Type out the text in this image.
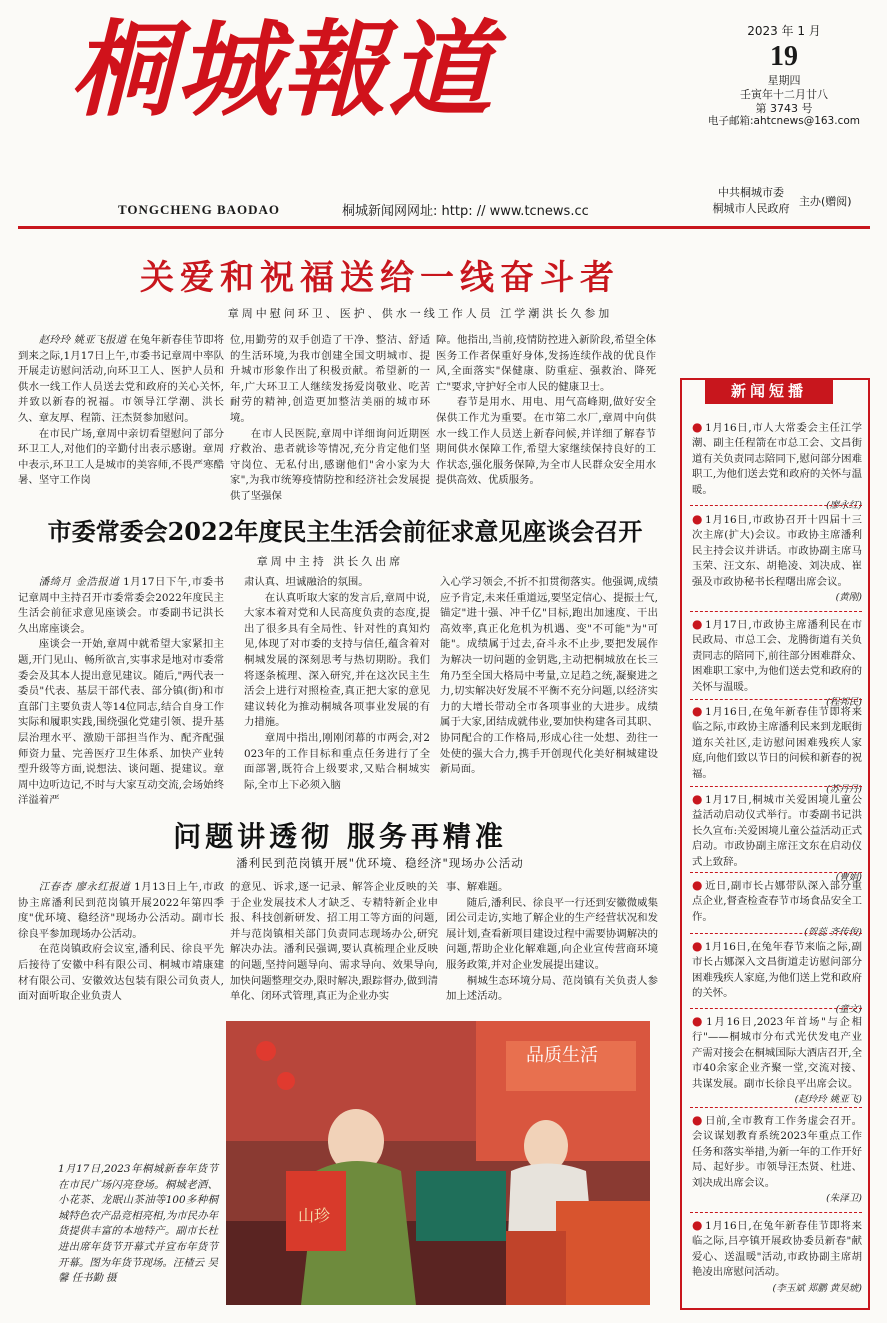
桐城報道
TONGCHENG BAODAO	桐城新闻网网址: http: // www.tcnews.cc
2023 年 1 月
19
星期四
壬寅年十二月廿八
第 3743 号
电子邮箱:ahtcnews@163.com
中共桐城市委
桐城市人民政府
主办(赠阅)
关爱和祝福送给一线奋斗者
章周中慰问环卫、医护、供水一线工作人员 江学潮洪长久参加

赵玲玲 姚亚飞报道 在兔年新春佳节即将到来之际,1月17日上午,市委书记章周中率队开展走访慰问活动,向环卫工人、医护人员和供水一线工作人员送去党和政府的关心关怀,并致以新春的祝福。市领导江学潮、洪长久、章友厚、程箭、汪杰贤参加慰问。

在市民广场,章周中亲切看望慰问了部分环卫工人,对他们的辛勤付出表示感谢。章周中表示,环卫工人是城市的美容师,不畏严寒酷暑、坚守工作岗

位,用勤劳的双手创造了干净、整洁、舒适的生活环境,为我市创建全国文明城市、提升城市形象作出了积极贡献。希望新的一年,广大环卫工人继续发扬爱岗敬业、吃苦耐劳的精神,创造更加整洁美丽的城市环境。

在市人民医院,章周中详细询问近期医疗救治、患者就诊等情况,充分肯定他们坚守岗位、无私付出,感谢他们"舍小家为大家",为我市统筹疫情防控和经济社会发展提供了坚强保

障。他指出,当前,疫情防控进入新阶段,希望全体医务工作者保重好身体,发扬连续作战的优良作风,全面落实"保健康、防重症、强救治、降死亡"要求,守护好全市人民的健康卫士。

春节是用水、用电、用气高峰期,做好安全保供工作尤为重要。在市第二水厂,章周中向供水一线工作人员送上新春问候,并详细了解春节期间供水保障工作,希望大家继续保持良好的工作状态,强化服务保障,为全市人民群众安全用水提供高效、优质服务。

市委常委会2022年度民主生活会前征求意见座谈会召开
章周中主持 洪长久出席

潘绮月 金浩报道 1月17日下午,市委书记章周中主持召开市委常委会2022年度民主生活会前征求意见座谈会。市委副书记洪长久出席座谈会。

座谈会一开始,章周中就希望大家紧扣主题,开门见山、畅所欲言,实事求是地对市委常委会及其本人提出意见建议。随后,"两代表一委员"代表、基层干部代表、部分镇(街)和市直部门主要负责人等14位同志,结合自身工作实际和履职实践,围绕强化党建引领、提升基层治理水平、激励干部担当作为、配齐配强师资力量、完善医疗卫生体系、加快产业转型升级等方面,说想法、谈问题、提建议。章周中边听边记,不时与大家互动交流,会场始终洋溢着严

肃认真、坦诚融洽的氛围。

在认真听取大家的发言后,章周中说,大家本着对党和人民高度负责的态度,提出了很多具有全局性、针对性的真知灼见,体现了对市委的支持与信任,蕴含着对桐城发展的深刻思考与热切期盼。我们将逐条梳理、深入研究,并在这次民主生活会上进行对照检查,真正把大家的意见建议转化为推动桐城各项事业发展的有力措施。

章周中指出,刚刚闭幕的市两会,对2023年的工作目标和重点任务进行了全面部署,既符合上级要求,又贴合桐城实际,全市上下必须入脑

入心学习领会,不折不扣贯彻落实。他强调,成绩应予肯定,未来任重道远,要坚定信心、提振士气,锚定"进十强、冲千亿"目标,跑出加速度、干出高效率,真正化危机为机遇、变"不可能"为"可能"。成绩属于过去,奋斗永不止步,要把发展作为解决一切问题的金钥匙,主动把桐城放在长三角乃至全国大格局中考量,立足趋之统,凝聚进之力,切实解决好发展不平衡不充分问题,以经济实力的大增长带动全市各项事业的大进步。成绩属于大家,团结成就伟业,要加快构建各司其职、协同配合的工作格局,形成心往一处想、劲往一处使的强大合力,携手开创现代化美好桐城建设新局面。

问题讲透彻 服务再精准
潘利民到范岗镇开展"优环境、稳经济"现场办公活动

江春杏 廖永红报道 1月13日上午,市政协主席潘利民到范岗镇开展2022年第四季度"优环境、稳经济"现场办公活动。副市长徐良平参加现场办公活动。

在范岗镇政府会议室,潘利民、徐良平先后接待了安徽中科有限公司、桐城市靖康建材有限公司、安徽效达包装有限公司负责人,面对面听取企业负责人

的意见、诉求,逐一记录、解答企业反映的关于企业发展技术人才缺乏、专精特新企业申报、科技创新研发、招工用工等方面的问题,并与范岗镇相关部门负责同志现场办公,研究解决办法。潘利民强调,要认真梳理企业反映的问题,坚持问题导向、需求导向、效果导向,加快问题整理交办,限时解决,跟踪督办,做到清单化、闭环式管理,真正为企业办实

事、解难题。

随后,潘利民、徐良平一行还到安徽微威集团公司走访,实地了解企业的生产经营状况和发展计划,查看新项目建设过程中需要协调解决的问题,帮助企业化解难题,向企业宣传营商环境服务政策,并对企业发展提出建议。

桐城生态环境分局、范岗镇有关负责人参加上述活动。

山珍
品质生活
1月17日,2023年桐城新春年货节在市民广场闪亮登场。桐城老酒、小花茶、龙眠山茶油等100多种桐城特色农产品竞相亮相,为市民办年货提供丰富的本地特产。副市长杜进出席年货节开幕式并宣布年货节开幕。图为年货节现场。汪楂云 吴馨 任书勤 摄
新闻短播
● 1月16日,市人大常委会主任江学潮、副主任程箭在市总工会、文昌街道有关负责同志陪同下,慰问部分困难职工,为他们送去党和政府的关怀与温暖。
(廖永红)
● 1月16日,市政协召开十四届十三次主席(扩大)会议。市政协主席潘利民主持会议并讲话。市政协副主席马玉荣、汪文东、胡艳凌、刘决成、崔强及市政协秘书长程曙出席会议。
(黄刚)
● 1月17日,市政协主席潘利民在市民政局、市总工会、龙腾街道有关负责同志的陪同下,前往部分困难群众、困难职工家中,为他们送去党和政府的关怀与温暖。
(程邦民)
● 1月16日,在兔年新春佳节即将来临之际,市政协主席潘利民来到龙眠街道东关社区,走访慰问困难残疾人家庭,向他们致以节日的问候和新春的祝福。
(苏丹丹)
● 1月17日,桐城市关爱困境儿童公益活动启动仪式举行。市委副书记洪长久宣布:关爱困境儿童公益活动正式启动。市政协副主席汪文东在启动仪式上致辞。
(曹娟)
● 近日,副市长占娜带队深入部分重点企业,督查检查春节市场食品安全工作。
(贺蕊 齐传俊)
● 1月16日,在兔年春节来临之际,副市长占娜深入文昌街道走访慰问部分困难残疾人家庭,为他们送上党和政府的关怀。
(童文)
● 1月16日,2023年首场"与企相行"——桐城市分布式光伏发电产业产需对接会在桐城国际大酒店召开,全市40余家企业齐聚一堂,交流对接、共谋发展。副市长徐良平出席会议。
(赵玲玲 姚亚飞)
● 日前,全市教育工作务虚会召开。会议谋划教育系统2023年重点工作任务和落实举措,为新一年的工作开好局、起好步。市领导汪杰贤、杜进、刘决成出席会议。
(朱泽卫)
● 1月16日,在兔年新春佳节即将来临之际,吕亭镇开展政协委员新春"献爱心、送温暖"活动,市政协副主席胡艳凌出席慰问活动。
(李玉斌 郑鹏 黄昊琥)
